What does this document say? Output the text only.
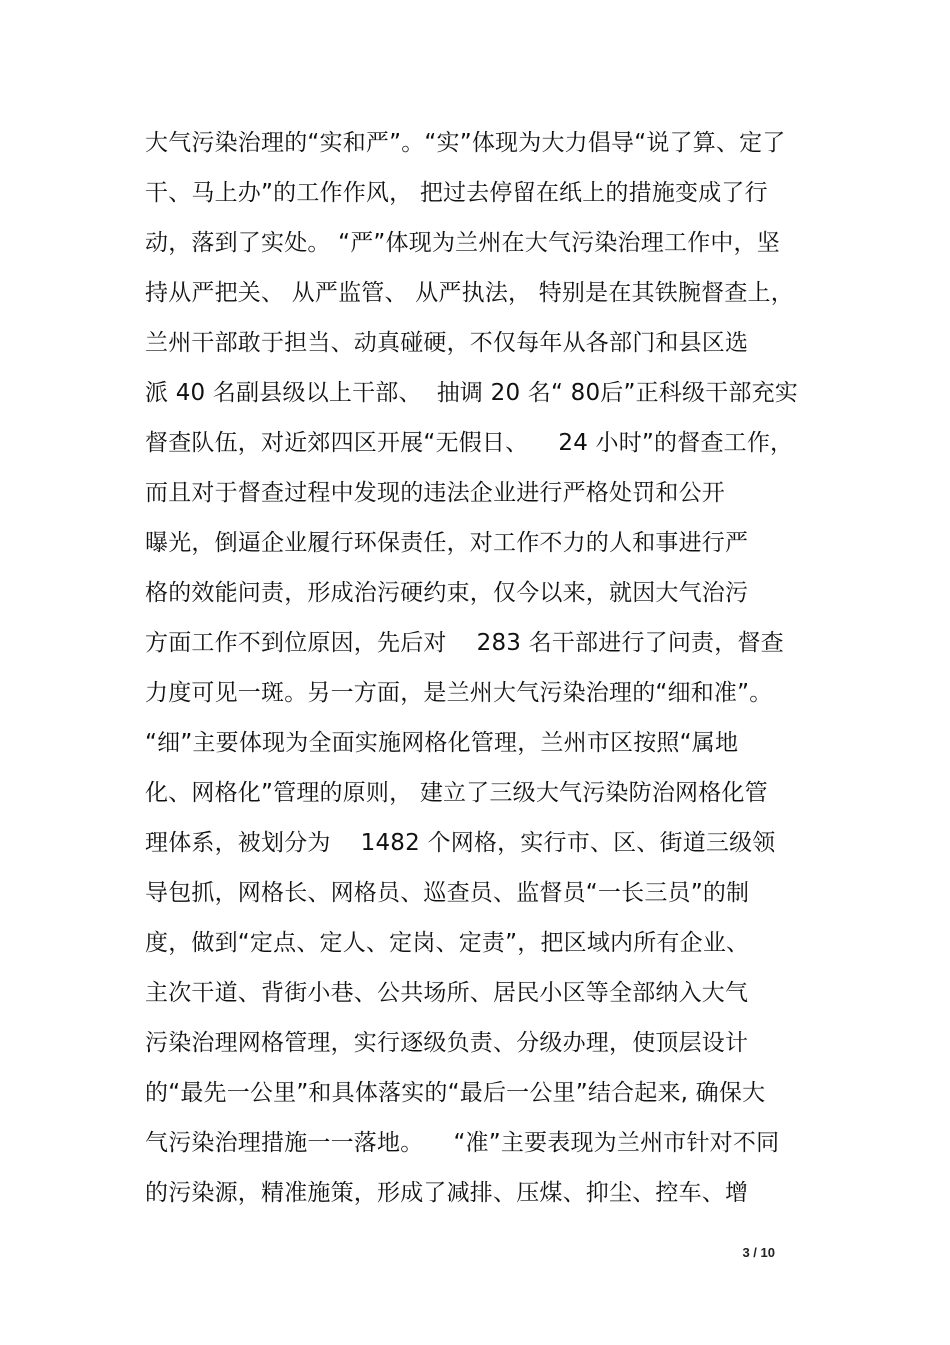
大气污染治理的“实和严”。“实”体现为大力倡导“说了算、定了
干、马上办”的工作作风， 把过去停留在纸上的措施变成了行
动，落到了实处。 “严”体现为兰州在大气污染治理工作中，坚
持从严把关、 从严监管、 从严执法， 特别是在其铁腕督查上，
兰州干部敢于担当、动真碰硬，不仅每年从各部门和县区选
派 40 名副县级以上干部、  抽调 20 名“ 80后”正科级干部充实
督查队伍，对近郊四区开展“无假日、    24 小时”的督查工作，
而且对于督查过程中发现的违法企业进行严格处罚和公开
曝光，倒逼企业履行环保责任，对工作不力的人和事进行严
格的效能问责，形成治污硬约束，仅今以来，就因大气治污
方面工作不到位原因，先后对    283 名干部进行了问责，督查
力度可见一斑。另一方面，是兰州大气污染治理的“细和准”。
“细”主要体现为全面实施网格化管理，兰州市区按照“属地
化、网格化”管理的原则， 建立了三级大气污染防治网格化管
理体系，被划分为    1482 个网格，实行市、区、街道三级领
导包抓，网格长、网格员、巡查员、监督员“一长三员”的制
度，做到“定点、定人、定岗、定责”，把区域内所有企业、
主次干道、背街小巷、公共场所、居民小区等全部纳入大气
污染治理网格管理，实行逐级负责、分级办理，使顶层设计
的“最先一公里”和具体落实的“最后一公里”结合起来, 确保大
气污染治理措施一一落地。    “准”主要表现为兰州市针对不同
的污染源，精准施策，形成了减排、压煤、抑尘、控车、增
3 / 10
